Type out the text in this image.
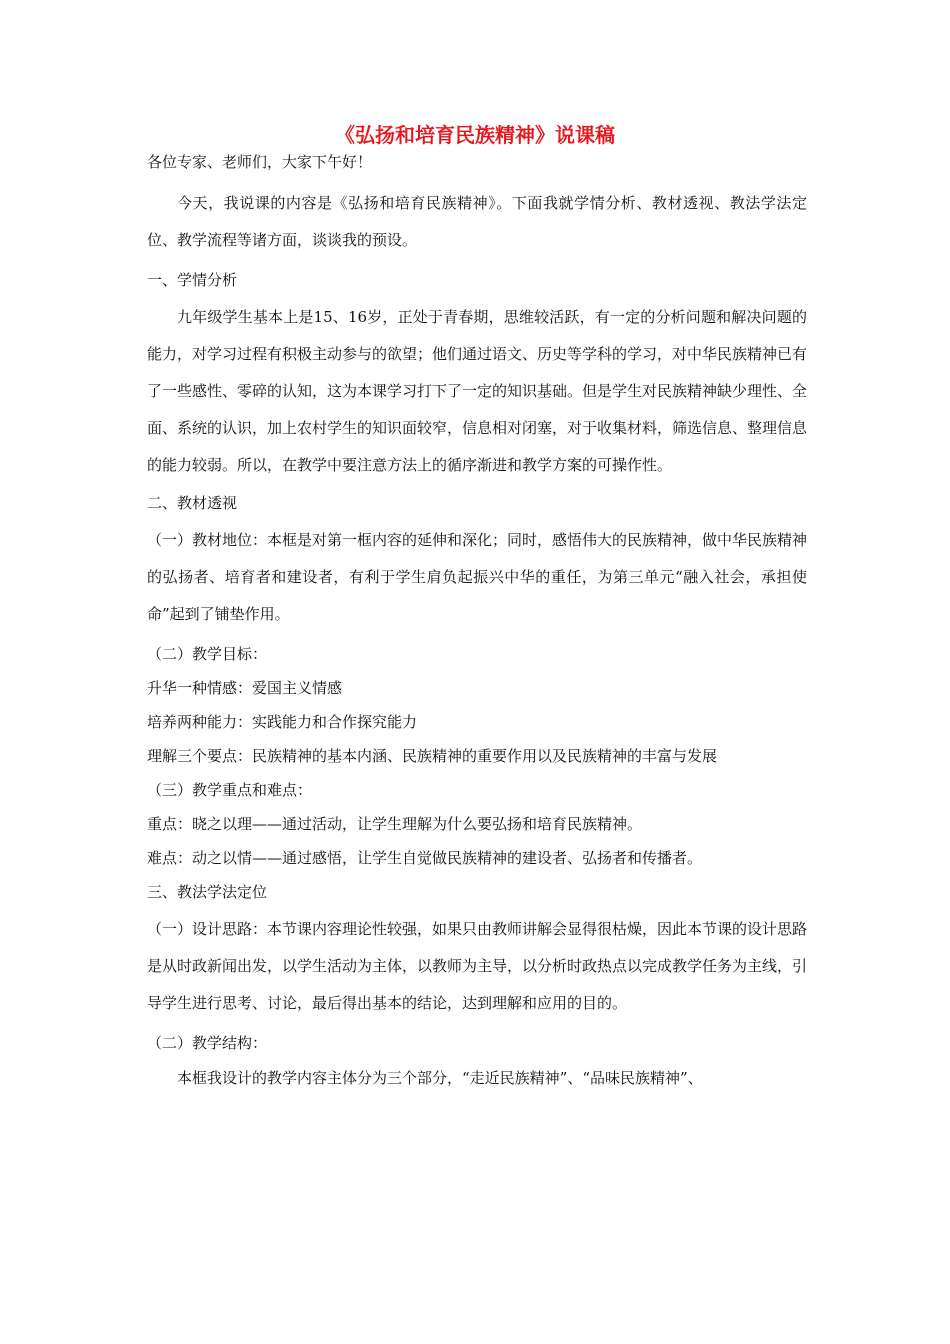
《弘扬和培育民族精神》说课稿
各位专家、老师们，大家下午好！
今天，我说课的内容是《弘扬和培育民族精神》。下面我就学情分析、教材透视、教法学法定位、教学流程等诸方面，谈谈我的预设。
一、学情分析
九年级学生基本上是15、16岁，正处于青春期，思维较活跃，有一定的分析问题和解决问题的能力，对学习过程有积极主动参与的欲望；他们通过语文、历史等学科的学习，对中华民族精神已有了一些感性、零碎的认知，这为本课学习打下了一定的知识基础。但是学生对民族精神缺少理性、全面、系统的认识，加上农村学生的知识面较窄，信息相对闭塞，对于收集材料，筛选信息、整理信息的能力较弱。所以，在教学中要注意方法上的循序渐进和教学方案的可操作性。
二、教材透视
（一）教材地位：本框是对第一框内容的延伸和深化；同时，感悟伟大的民族精神，做中华民族精神的弘扬者、培育者和建设者，有利于学生肩负起振兴中华的重任，为第三单元“融入社会，承担使命”起到了铺垫作用。
（二）教学目标：
升华一种情感：爱国主义情感
培养两种能力：实践能力和合作探究能力
理解三个要点：民族精神的基本内涵、民族精神的重要作用以及民族精神的丰富与发展
（三）教学重点和难点：
重点：晓之以理——通过活动，让学生理解为什么要弘扬和培育民族精神。
难点：动之以情——通过感悟，让学生自觉做民族精神的建设者、弘扬者和传播者。
三、教法学法定位
（一）设计思路：本节课内容理论性较强，如果只由教师讲解会显得很枯燥，因此本节课的设计思路是从时政新闻出发，以学生活动为主体，以教师为主导，以分析时政热点以完成教学任务为主线，引导学生进行思考、讨论，最后得出基本的结论，达到理解和应用的目的。
（二）教学结构：
本框我设计的教学内容主体分为三个部分，“走近民族精神”、“品味民族精神”、
